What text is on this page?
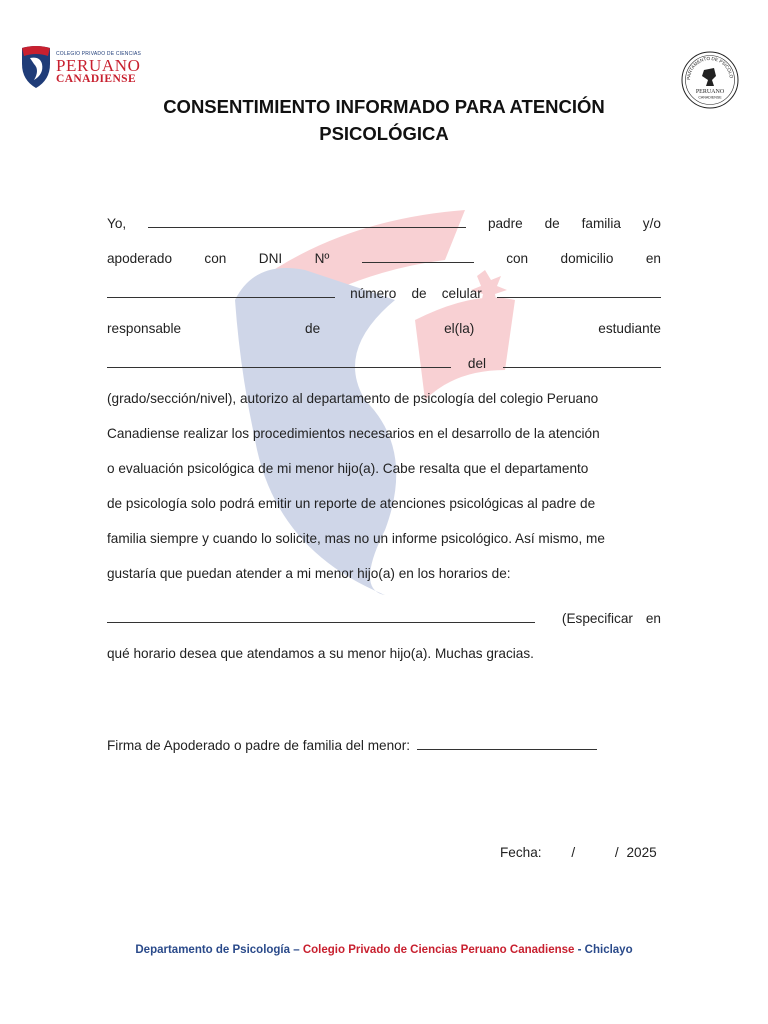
COLEGIO PRIVADO DE CIENCIAS
PERUANO
CANADIENSE	PARTAMENTO DE PSICOLO
PERUANO
CANADIENSE
CONSENTIMIENTO INFORMADO PARA ATENCIÓN
PSICOLÓGICA
Yo,	padre de familia y/o
apoderado con DNI Nº	con domicilio en
número de celular
responsable	de	el(la)	estudiante
del
(grado/sección/nivel), autorizo al departamento de psicología del colegio Peruano
Canadiense realizar los procedimientos necesarios en el desarrollo de la atención
o evaluación psicológica de mi menor hijo(a). Cabe resalta que el departamento
de psicología solo podrá emitir un reporte de atenciones psicológicas al padre de
familia siempre y cuando lo solicite, mas no un informe psicológico. Así mismo, me
gustaría que puedan atender a mi menor hijo(a) en los horarios de:
(Especificar en
qué horario desea que atendamos a su menor hijo(a). Muchas gracias.
Firma de Apoderado o padre de familia del menor:
Fecha: /	/ 2025
Departamento de Psicología – Colegio Privado de Ciencias Peruano Canadiense - Chiclayo
